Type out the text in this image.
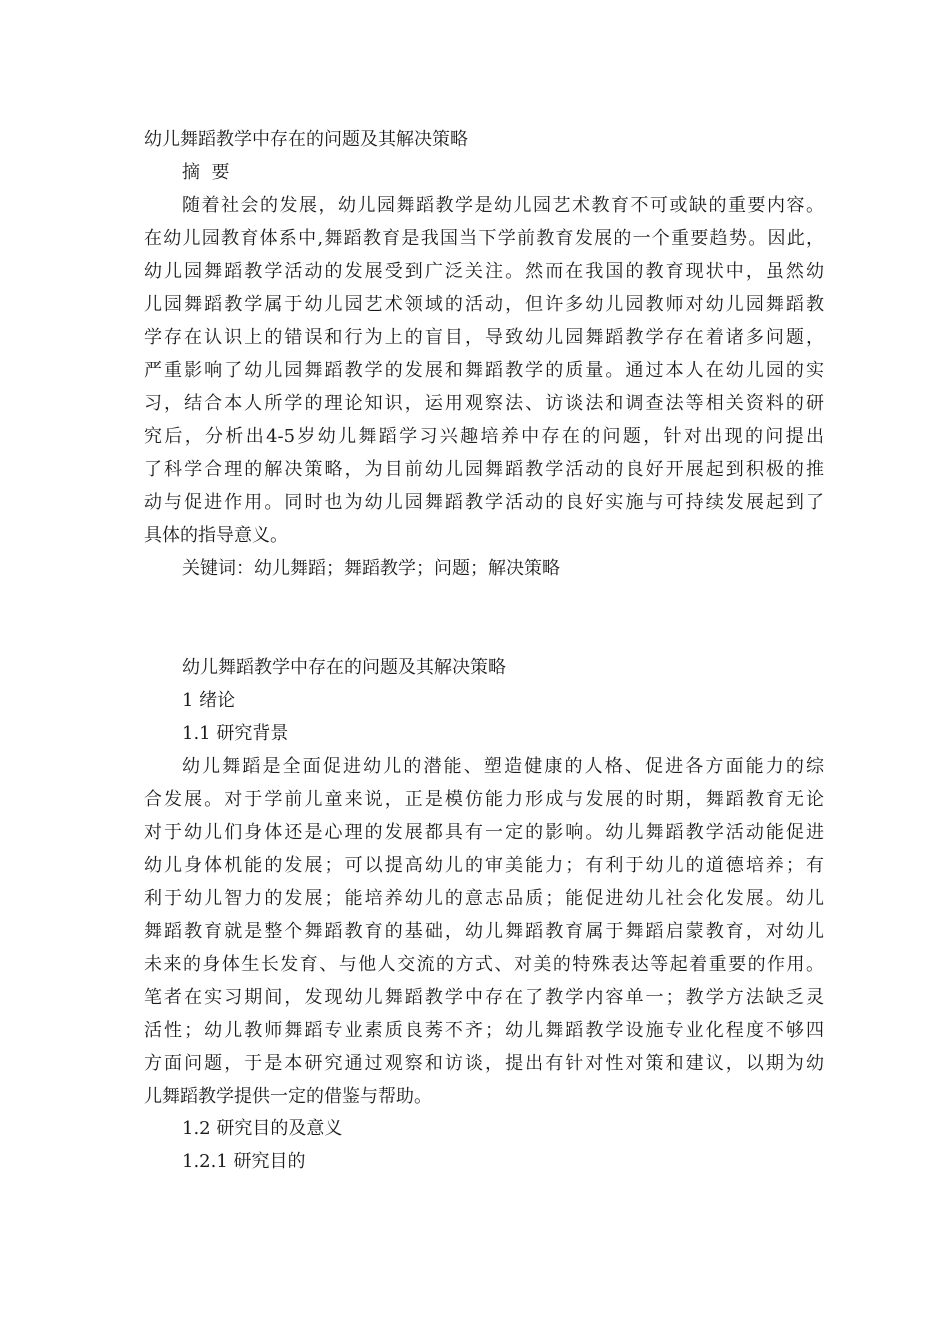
幼儿舞蹈教学中存在的问题及其解决策略
摘  要
随着社会的发展，幼儿园舞蹈教学是幼儿园艺术教育不可或缺的重要内容。
在幼儿园教育体系中,舞蹈教育是我国当下学前教育发展的一个重要趋势。因此，
幼儿园舞蹈教学活动的发展受到广泛关注。然而在我国的教育现状中，虽然幼
儿园舞蹈教学属于幼儿园艺术领域的活动，但许多幼儿园教师对幼儿园舞蹈教
学存在认识上的错误和行为上的盲目，导致幼儿园舞蹈教学存在着诸多问题，
严重影响了幼儿园舞蹈教学的发展和舞蹈教学的质量。通过本人在幼儿园的实
习，结合本人所学的理论知识，运用观察法、访谈法和调查法等相关资料的研
究后，分析出4-5岁幼儿舞蹈学习兴趣培养中存在的问题，针对出现的问提出
了科学合理的解决策略，为目前幼儿园舞蹈教学活动的良好开展起到积极的推
动与促进作用。同时也为幼儿园舞蹈教学活动的良好实施与可持续发展起到了
具体的指导意义。
关键词：幼儿舞蹈；舞蹈教学；问题；解决策略
幼儿舞蹈教学中存在的问题及其解决策略
1 绪论
1.1 研究背景
幼儿舞蹈是全面促进幼儿的潜能、塑造健康的人格、促进各方面能力的综
合发展。对于学前儿童来说，正是模仿能力形成与发展的时期，舞蹈教育无论
对于幼儿们身体还是心理的发展都具有一定的影响。幼儿舞蹈教学活动能促进
幼儿身体机能的发展；可以提高幼儿的审美能力；有利于幼儿的道德培养；有
利于幼儿智力的发展；能培养幼儿的意志品质；能促进幼儿社会化发展。幼儿
舞蹈教育就是整个舞蹈教育的基础，幼儿舞蹈教育属于舞蹈启蒙教育，对幼儿
未来的身体生长发育、与他人交流的方式、对美的特殊表达等起着重要的作用。
笔者在实习期间，发现幼儿舞蹈教学中存在了教学内容单一；教学方法缺乏灵
活性；幼儿教师舞蹈专业素质良莠不齐；幼儿舞蹈教学设施专业化程度不够四
方面问题，于是本研究通过观察和访谈，提出有针对性对策和建议，以期为幼
儿舞蹈教学提供一定的借鉴与帮助。
1.2 研究目的及意义
1.2.1 研究目的
